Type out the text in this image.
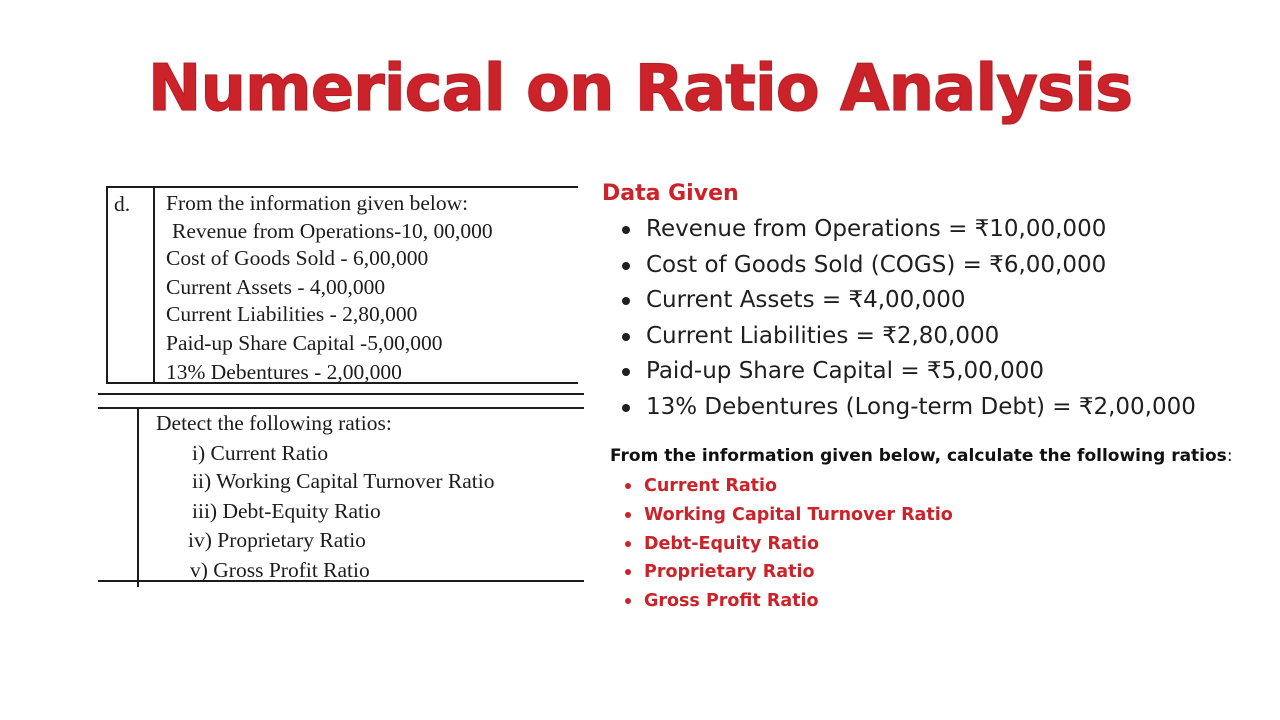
Numerical on Ratio Analysis
d. From the information given below:
Revenue from Operations-10, 00,000
Cost of Goods Sold - 6,00,000
Current Assets - 4,00,000
Current Liabilities - 2,80,000
Paid-up Share Capital -5,00,000
13% Debentures - 2,00,000
Detect the following ratios:
i) Current Ratio
ii) Working Capital Turnover Ratio
iii) Debt-Equity Ratio
iv) Proprietary Ratio
v) Gross Profit Ratio
Data Given
Revenue from Operations = ₹10,00,000
Cost of Goods Sold (COGS) = ₹6,00,000
Current Assets = ₹4,00,000
Current Liabilities = ₹2,80,000
Paid-up Share Capital = ₹5,00,000
13% Debentures (Long-term Debt) = ₹2,00,000
From the information given below, calculate the following ratios:
Current Ratio
Working Capital Turnover Ratio
Debt-Equity Ratio
Proprietary Ratio
Gross Profit Ratio
